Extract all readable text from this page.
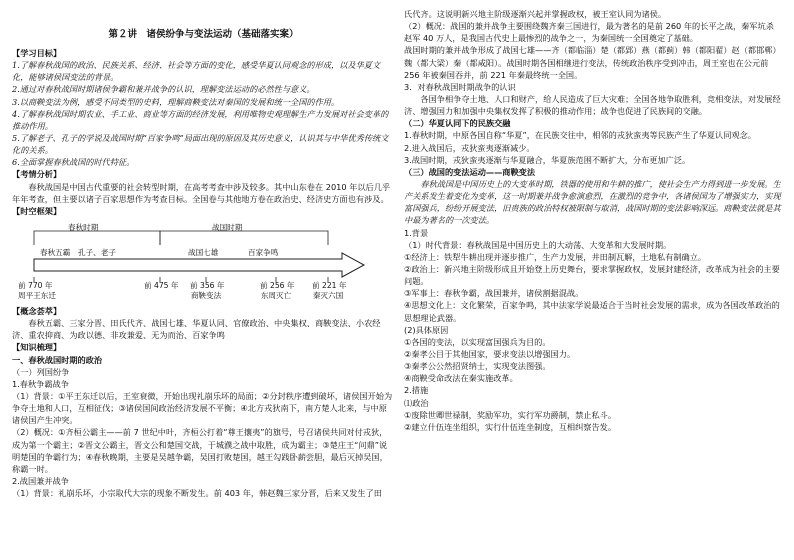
第２讲　诸侯纷争与变法运动（基础落实案）

【学习目标】

1.了解春秋战国的政治、民族关系、经济、社会等方面的变化，感受华夏认同观念的形成，以及华夏文化，能够诸侯国变法的背景。

2.通过对春秋战国时期诸侯争霸和兼并战争的认识，理解变法运动的必然性与意义。

3.以商鞅变法为例，感受不同类型的史料，理解商鞅变法对秦国的发展和统一全国的作用。

4.了解春秋战国时期农业、手工业、商业等方面的经济发展，利用唯物史观理解生产力发展对社会变革的推动作用。

5.了解老子、孔子的学说及战国时期“百家争鸣”局面出现的原因及其历史意义，认识其与中华优秀传统文化的关系。

6.全面掌握春秋战国的时代特征。

【考情分析】

春秋战国是中国古代重要的社会转型时期，在高考考查中涉及较多。其中山东卷在 2010 年以后几乎年年考查，但主要以诸子百家思想作为考查目标。全国卷与其他地方卷在政治史、经济史方面也有涉及。

【时空框架】

春秋时期	战国时期
春秋五霸　孔子、老子	战国七雄	百家争鸣
前 770 年
周平王东迁
前 475 年 前 356 年
商鞅变法
前 256 年
东周灭亡
前 221 年
秦灭六国

【概念荟萃】

春秋五霸、三家分晋、田氏代齐、战国七雄、华夏认同、官僚政治、中央集权、商鞅变法、小农经济、重农抑商、为政以德、非攻兼爱、无为而治、百家争鸣

【知识梳理】

一、春秋战国时期的政治

（一）列国纷争

1.春秋争霸战争

（1）背景：①平王东迁以后，王室衰微，开始出现礼崩乐坏的局面；②分封秩序遭到破坏，诸侯国开始为争夺土地和人口，互相征伐；③诸侯国间政治经济发展不平衡；④北方戎狄南下，南方楚人北来，与中原诸侯国产生冲突。

（2）概况：①齐桓公霸主——前 7 世纪中叶，齐桓公打着“尊王攘夷”的旗号，号召诸侯共同对付戎狄，成为第一个霸主；②晋文公霸主，晋文公和楚国交战，于城濮之战中取胜，成为霸主；③楚庄王“问鼎”说明楚国的争霸行为；④春秋晚期，主要是吴越争霸，吴国打败楚国，越王勾践卧薪尝胆，最后灭掉吴国，称霸一时。

2.战国兼并战争

（1）背景：礼崩乐坏，小宗取代大宗的现象不断发生。前 403 年，韩赵魏三家分晋，后来又发生了田

氏代齐。这说明新兴地主阶级逐渐兴起并掌握政权，被王室认同为诸侯。

（2）概况：战国的兼并战争主要围绕魏齐秦三国进行，最为著名的是前 260 年的长平之战，秦军坑杀赵军 40 万人，是我国古代史上最惨烈的战争之一，为秦国统一全国奠定了基础。

战国时期的兼并战争形成了战国七雄——齐（都临淄）楚（都郢）燕（都蓟）韩（都阳翟）赵（都邯郸）魏（都大梁）秦（都咸阳）。战国时期各国相继进行变法，传统政治秩序受到冲击，周王室也在公元前 256 年被秦国吞并，前 221 年秦最终统一全国。

3．对春秋战国时期战争的认识

各国争相争夺土地、人口和财产，给人民造成了巨大灾难；全国各地争取胜利，竞相变法，对发展经济、增强国力和加强中央集权发挥了积极的推动作用；战争也促进了民族间的交融。

（二）华夏认同下的民族交融

1.春秋时期，中原各国自称“华夏”，在民族交往中，相邻的戎狄蛮夷等民族产生了华夏认同观念。

2.进入战国后，戎狄蛮夷逐渐减少。

3.战国时期，戎狄蛮夷逐渐与华夏融合，华夏族范围不断扩大，分布更加广泛。

（三）战国的变法运动——商鞅变法

春秋战国是中国历史上的大变革时期，铁器的使用和牛耕的推广，使社会生产力得到进一步发展。生产关系发生着变化为变革，这一时期兼并战争愈演愈烈，在激烈的竞争中，各诸侯国为了增强实力，实现富国强兵，纷纷开展变法，旧贵族的政治特权被限制与取消，战国时期的变法影响深远。商鞅变法就是其中最为著名的一次变法。

1.背景

（1）时代背景：春秋战国是中国历史上的大动荡、大变革和大发展时期。

①经济上：铁犁牛耕出现并逐步推广，生产力发展，井田制瓦解，土地私有制确立。

②政治上：新兴地主阶级形成且开始登上历史舞台，要求掌握政权，发展封建经济，改革成为社会的主要问题。

③军事上：春秋争霸，战国兼并，诸侯割据混战。

④思想文化上：文化繁荣，百家争鸣，其中法家学说最适合于当时社会发展的需求，成为各国改革政治的思想理论武器。

(2)具体原因

①各国的变法，以实现富国强兵为目的。

②秦孝公目于其他国家，要求变法以增强国力。

③秦孝公公然招贤纳士，实现变法图强。

④商鞅受命改法在秦实施改革。

2.措施

⑴政治

①废除世卿世禄制，奖励军功，实行军功爵制，禁止私斗。

②建立什伍连坐组织，实行什伍连坐制度，互相纠察告发。
